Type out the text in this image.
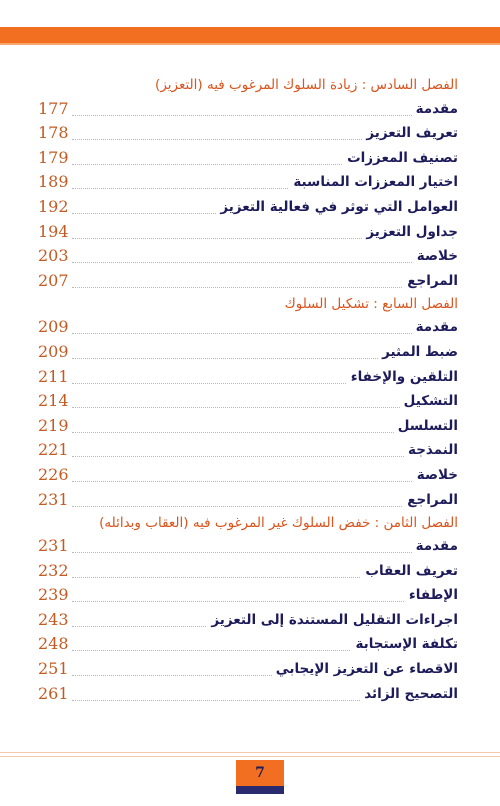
الفصل السادس : زيادة السلوك المرغوب فيه (التعزيز)
177	مقدمة
178	تعريف التعزيز
179	تصنيف المعززات
189	اختيار المعززات المناسبة
192	العوامل التي توثر في فعالية التعزيز
194	جداول التعزيز
203	خلاصة
207	المراجع
الفصل السابع : تشكيل السلوك
209	مقدمة
209	ضبط المثير
211	التلقين والإخفاء
214	التشكيل
219	التسلسل
221	النمذجة
226	خلاصة
231	المراجع
الفصل الثامن : خفض السلوك غير المرغوب فيه (العقاب وبدائله)
231	مقدمة
232	تعريف العقاب
239	الإطفاء
243	اجراءات التقليل المستندة إلى التعزيز
248	تكلفة الإستجابة
251	الاقصاء عن التعزيز الإيجابي
261	التصحيح الزائد
7
